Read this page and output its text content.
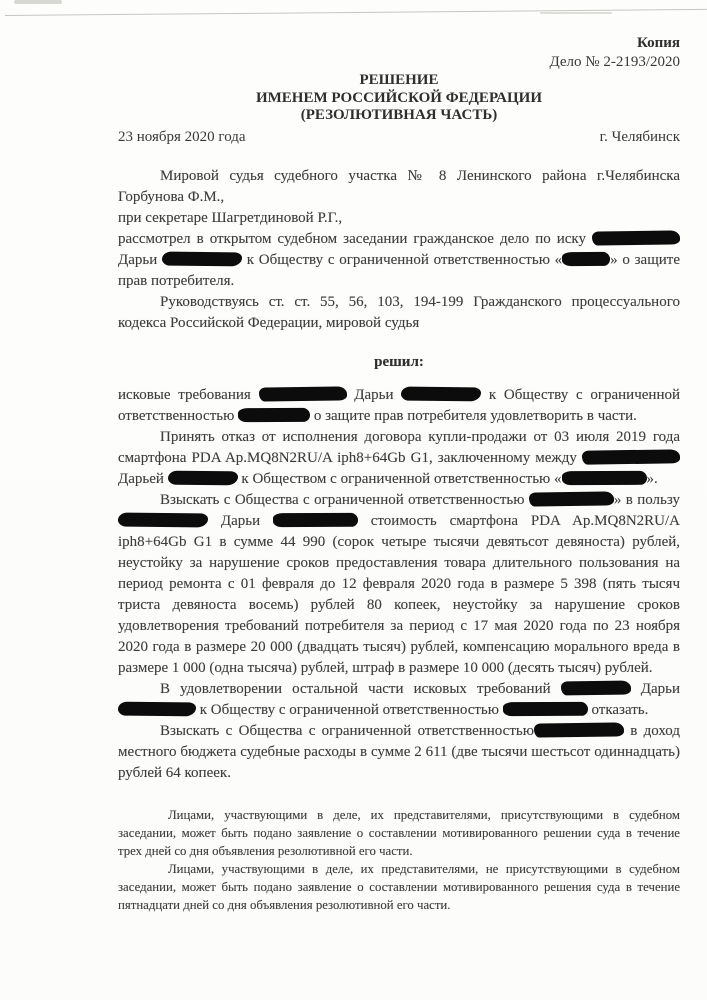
Копия
Дело № 2-2193/2020
РЕШЕНИЕ
ИМЕНЕМ РОССИЙСКОЙ ФЕДЕРАЦИИ
(РЕЗОЛЮТИВНАЯ ЧАСТЬ)
23 ноября 2020 года	г. Челябинск

Мировой судья судебного участка № 8 Ленинского района г.Челябинска Горбунова Ф.М.,

при секретаре Шагретдиновой Р.Г.,

рассмотрел в открытом судебном заседании гражданское дело по иску  Дарьи	к Обществу с ограниченной ответственностью «	» о защите прав потребителя.

Руководствуясь ст. ст. 55, 56, 103, 194-199 Гражданского процессуального кодекса Российской Федерации, мировой судья

решил:

исковые требования	Дарьи	к Обществу с ограниченной ответственностью	о защите прав потребителя удовлетворить в части.

Принять отказ от исполнения договора купли-продажи от 03 июля 2019 года смартфона PDA Ap.MQ8N2RU/A iph8+64Gb G1, заключенному между  Дарьей	к Обществом с ограниченной ответственностью «	».

Взыскать с Общества с ограниченной ответственностью	» в пользу  Дарьи	стоимость смартфона PDA Ap.MQ8N2RU/A iph8+64Gb G1 в сумме 44 990 (сорок четыре тысячи девятьсот девяноста) рублей, неустойку за нарушение сроков предоставления товара длительного пользования на период ремонта с 01 февраля до 12 февраля 2020 года в размере 5 398 (пять тысяч триста девяноста восемь) рублей 80 копеек, неустойку за нарушение сроков удовлетворения требований потребителя за период с 17 мая 2020 года по 23 ноября 2020 года в размере 20 000 (двадцать тысяч) рублей, компенсацию морального вреда в размере 1 000 (одна тысяча) рублей, штраф в размере 10 000 (десять тысяч) рублей.

В удовлетворении остальной части исковых требований	Дарьи к Обществу с ограниченной ответственностью	отказать.

Взыскать с Общества с ограниченной ответственностью	в доход местного бюджета судебные расходы в сумме 2 611 (две тысячи шестьсот одиннадцать) рублей 64 копеек.

Лицами, участвующими в деле, их представителями, присутствующими в судебном заседании, может быть подано заявление о составлении мотивированного решении суда в течение трех дней со дня объявления резолютивной его части.

Лицами, участвующими в деле, их представителями, не присутствующими в судебном заседании, может быть подано заявление о составлении мотивированного решения суда в течение пятнадцати дней со дня объявления резолютивной его части.
